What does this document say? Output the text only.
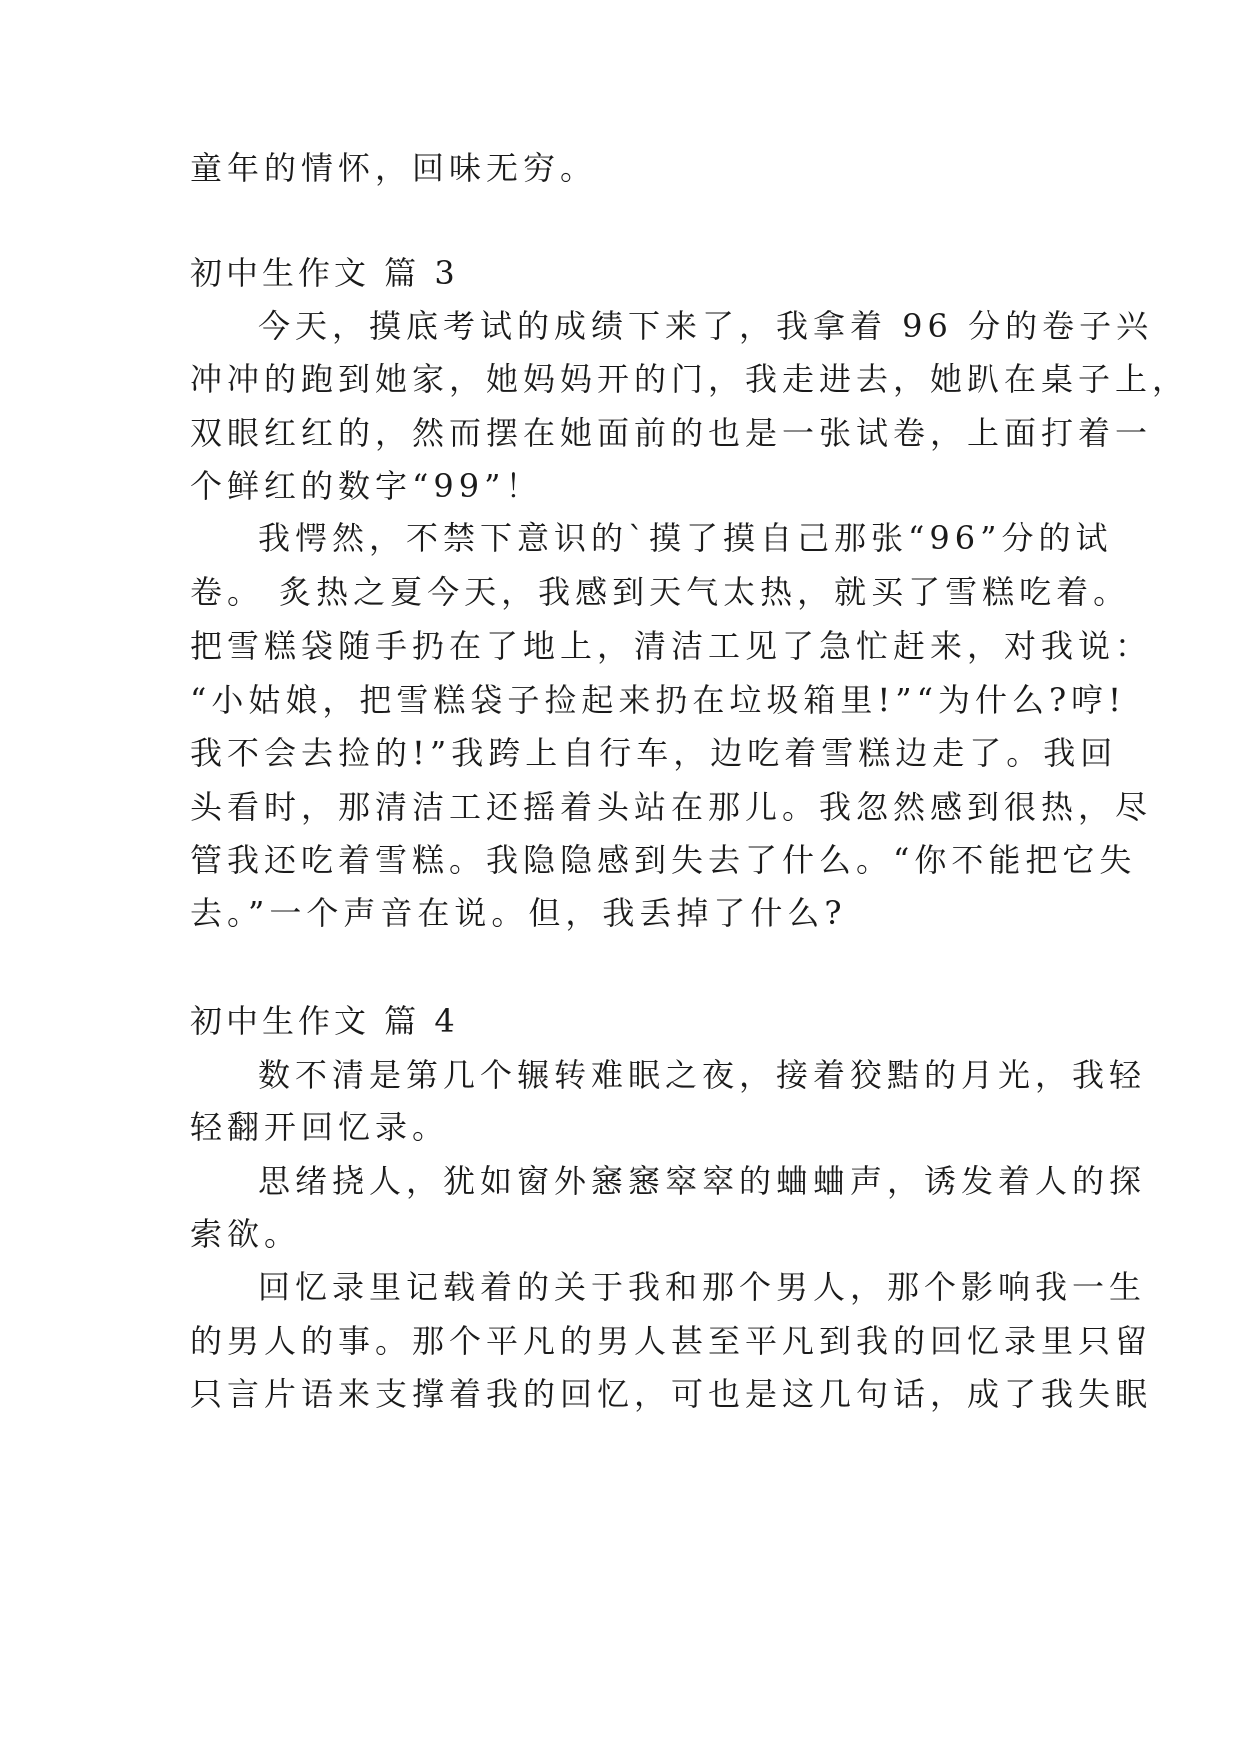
童年的情怀，回味无穷。
初中生作文 篇 3
今天，摸底考试的成绩下来了，我拿着 96 分的卷子兴
冲冲的跑到她家，她妈妈开的门，我走进去，她趴在桌子上，
双眼红红的，然而摆在她面前的也是一张试卷，上面打着一
个鲜红的数字“99”！
我愕然，不禁下意识的`摸了摸自己那张“96”分的试
卷。 炙热之夏今天，我感到天气太热，就买了雪糕吃着。
把雪糕袋随手扔在了地上，清洁工见了急忙赶来，对我说：
“小姑娘，把雪糕袋子捡起来扔在垃圾箱里!”“为什么?哼!
我不会去捡的!”我跨上自行车，边吃着雪糕边走了。我回
头看时，那清洁工还摇着头站在那儿。我忽然感到很热，尽
管我还吃着雪糕。我隐隐感到失去了什么。“你不能把它失
去。”一个声音在说。但，我丢掉了什么?
初中生作文 篇 4
数不清是第几个辗转难眠之夜，接着狡黠的月光，我轻
轻翻开回忆录。
思绪挠人，犹如窗外窸窸窣窣的蛐蛐声，诱发着人的探
索欲。
回忆录里记载着的关于我和那个男人，那个影响我一生
的男人的事。那个平凡的男人甚至平凡到我的回忆录里只留
只言片语来支撑着我的回忆，可也是这几句话，成了我失眠
